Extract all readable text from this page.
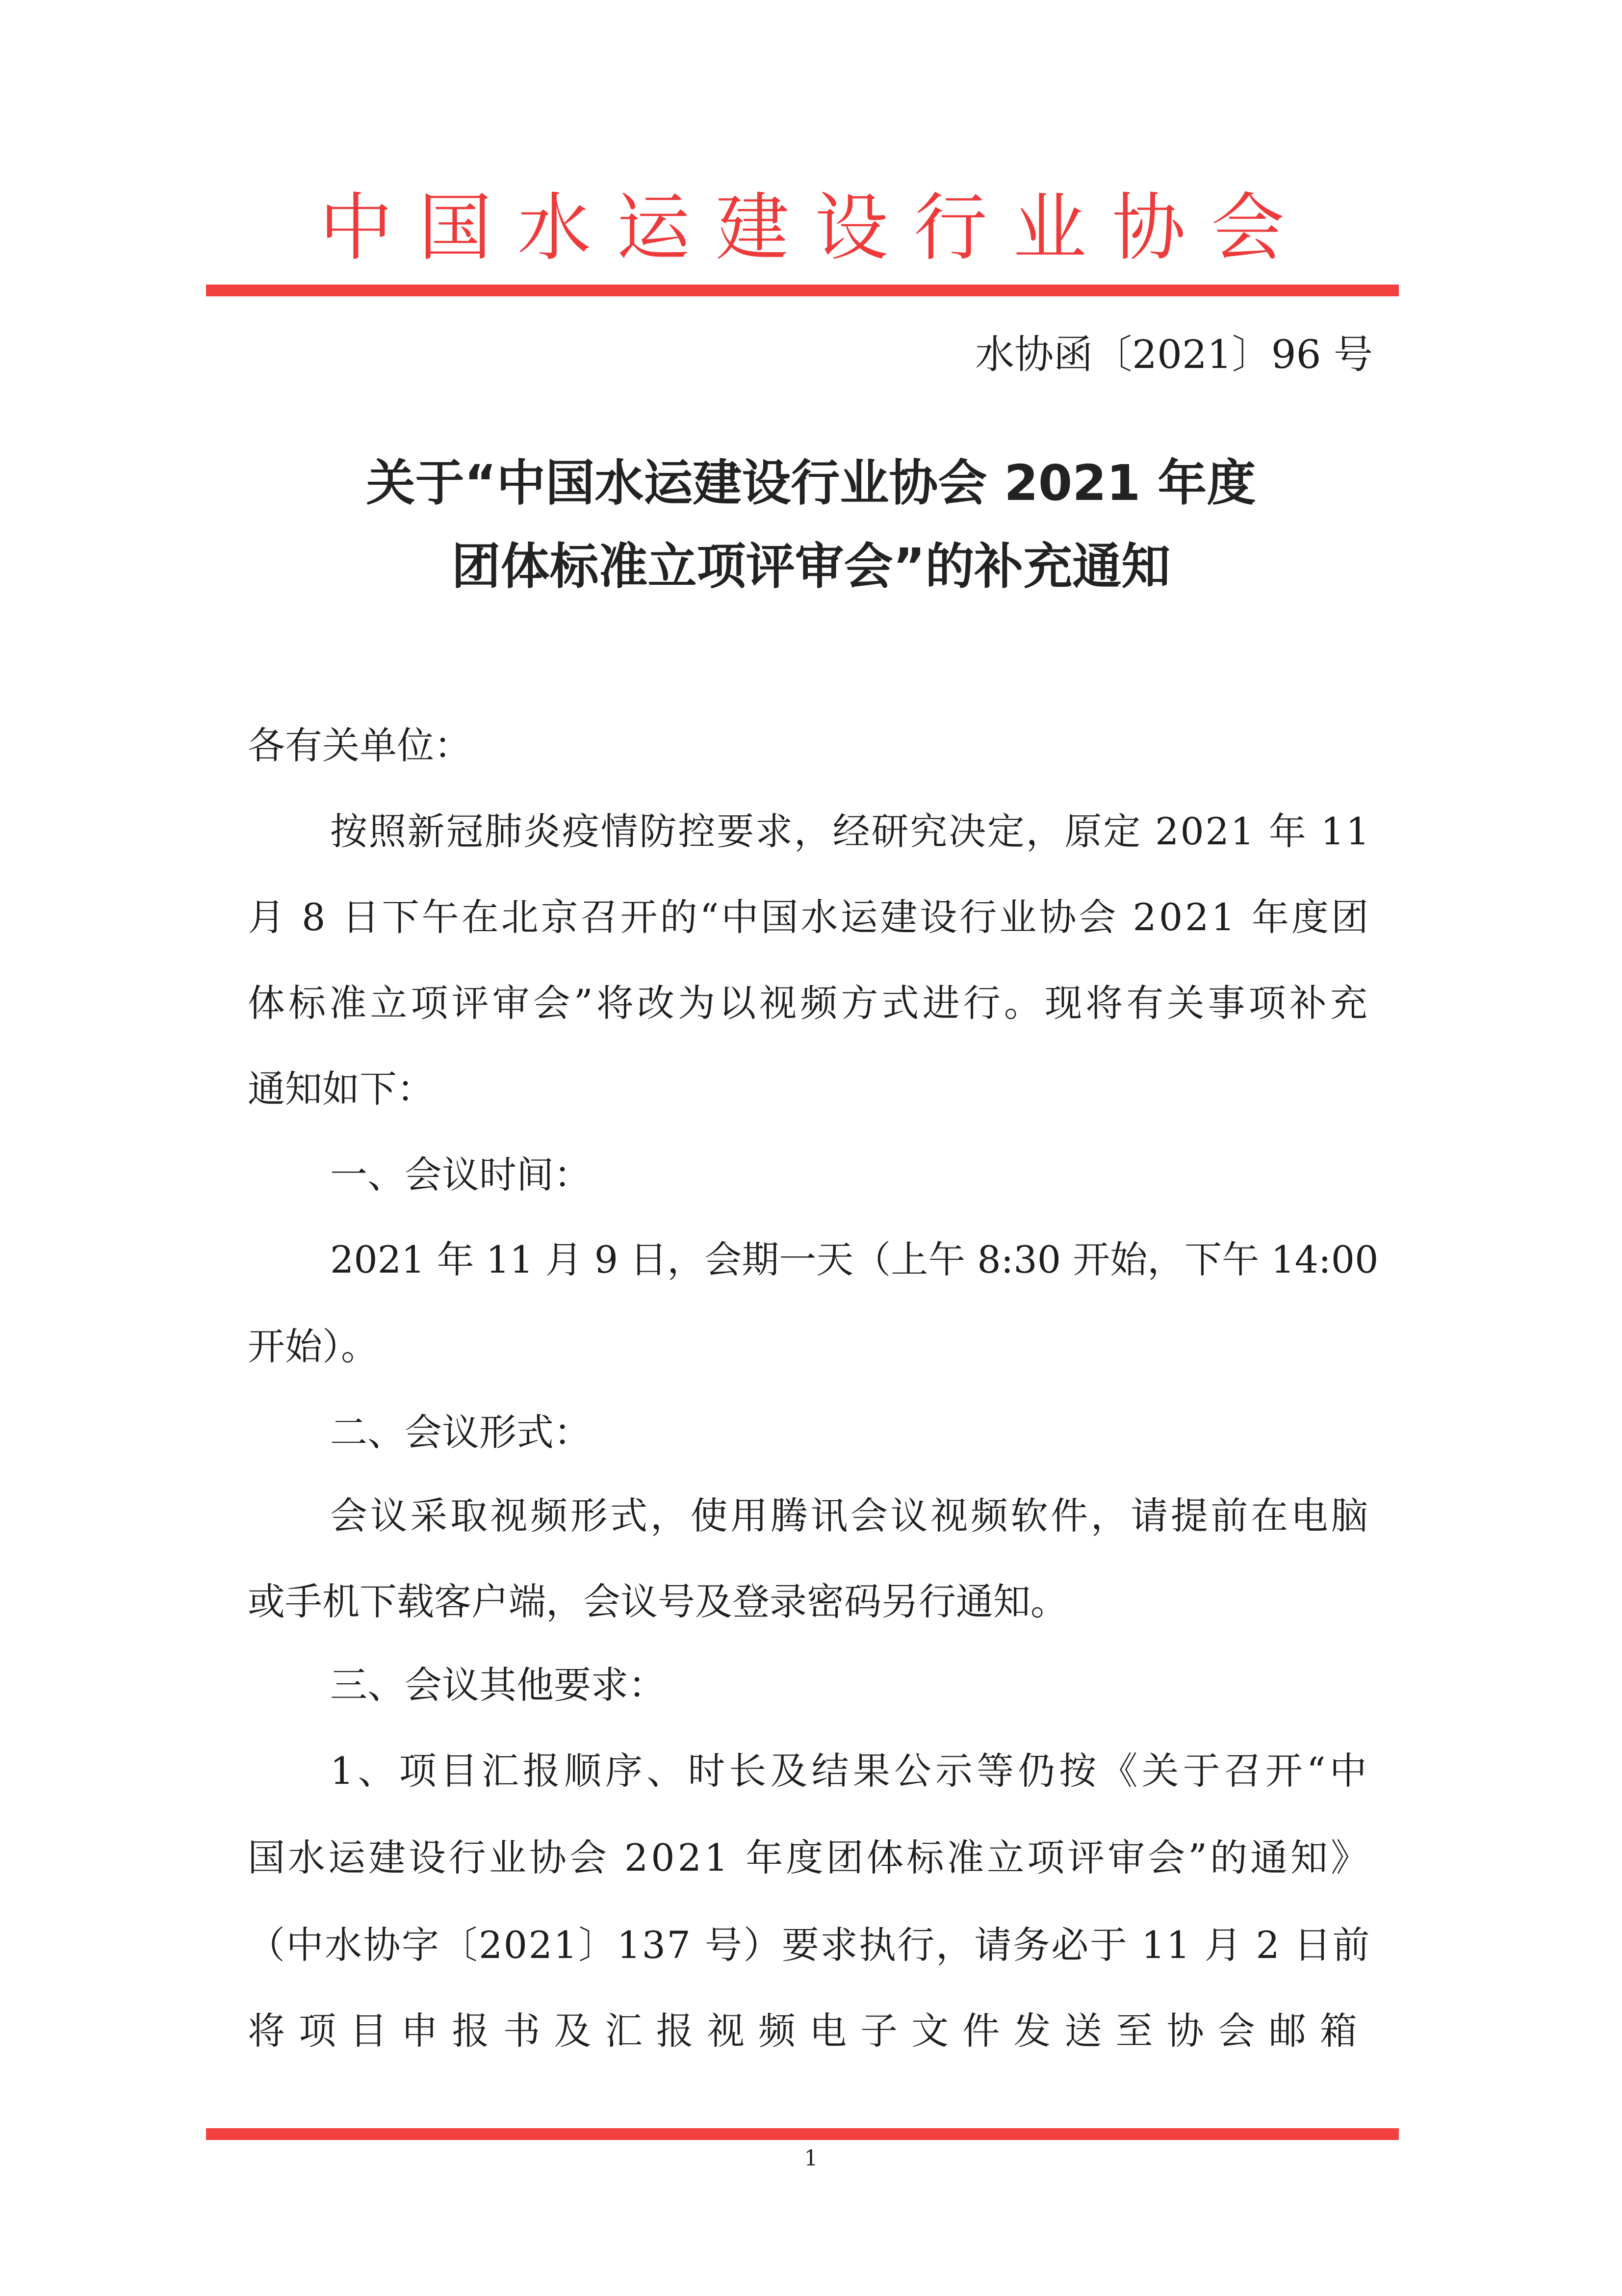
中国水运建设行业协会
水协函〔2021〕96 号
关于“中国水运建设行业协会 2021 年度
团体标准立项评审会”的补充通知
各有关单位：
按照新冠肺炎疫情防控要求，经研究决定，原定 2021 年 11
月 8 日下午在北京召开的“中国水运建设行业协会 2021 年度团
体标准立项评审会”将改为以视频方式进行。现将有关事项补充
通知如下：
一、会议时间：
2021 年 11 月 9 日，会期一天（上午 8:30 开始，下午 14:00
开始）。
二、会议形式：
会议采取视频形式，使用腾讯会议视频软件，请提前在电脑
或手机下载客户端，会议号及登录密码另行通知。
三、会议其他要求：
1、项目汇报顺序、时长及结果公示等仍按《关于召开“中
国水运建设行业协会 2021 年度团体标准立项评审会”的通知》
（中水协字〔2021〕137 号）要求执行，请务必于 11 月 2 日前
将项目申报书及汇报视频电子文件发送至协会邮箱
1
